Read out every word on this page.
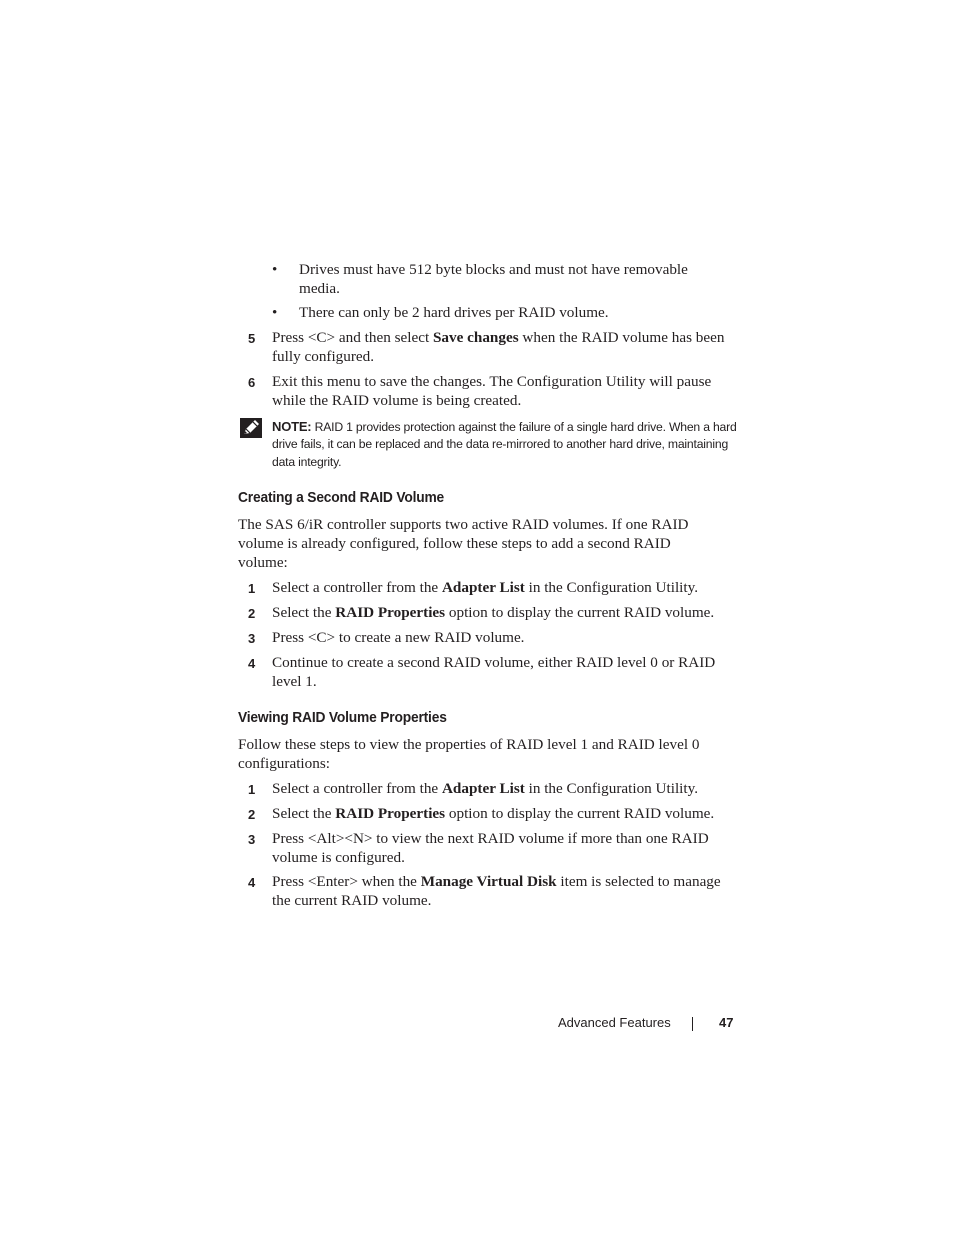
• Drives must have 512 byte blocks and must not have removable media.
• There can only be 2 hard drives per RAID volume.
5 Press <C> and then select Save changes when the RAID volume has been fully configured.
6 Exit this menu to save the changes. The Configuration Utility will pause while the RAID volume is being created.
NOTE: RAID 1 provides protection against the failure of a single hard drive. When a hard drive fails, it can be replaced and the data re-mirrored to another hard drive, maintaining data integrity.
Creating a Second RAID Volume
The SAS 6/iR controller supports two active RAID volumes. If one RAID volume is already configured, follow these steps to add a second RAID volume:
1 Select a controller from the Adapter List in the Configuration Utility.
2 Select the RAID Properties option to display the current RAID volume.
3 Press <C> to create a new RAID volume.
4 Continue to create a second RAID volume, either RAID level 0 or RAID level 1.
Viewing RAID Volume Properties
Follow these steps to view the properties of RAID level 1 and RAID level 0 configurations:
1 Select a controller from the Adapter List in the Configuration Utility.
2 Select the RAID Properties option to display the current RAID volume.
3 Press <Alt><N> to view the next RAID volume if more than one RAID volume is configured.
4 Press <Enter> when the Manage Virtual Disk item is selected to manage the current RAID volume.
Advanced Features	47
